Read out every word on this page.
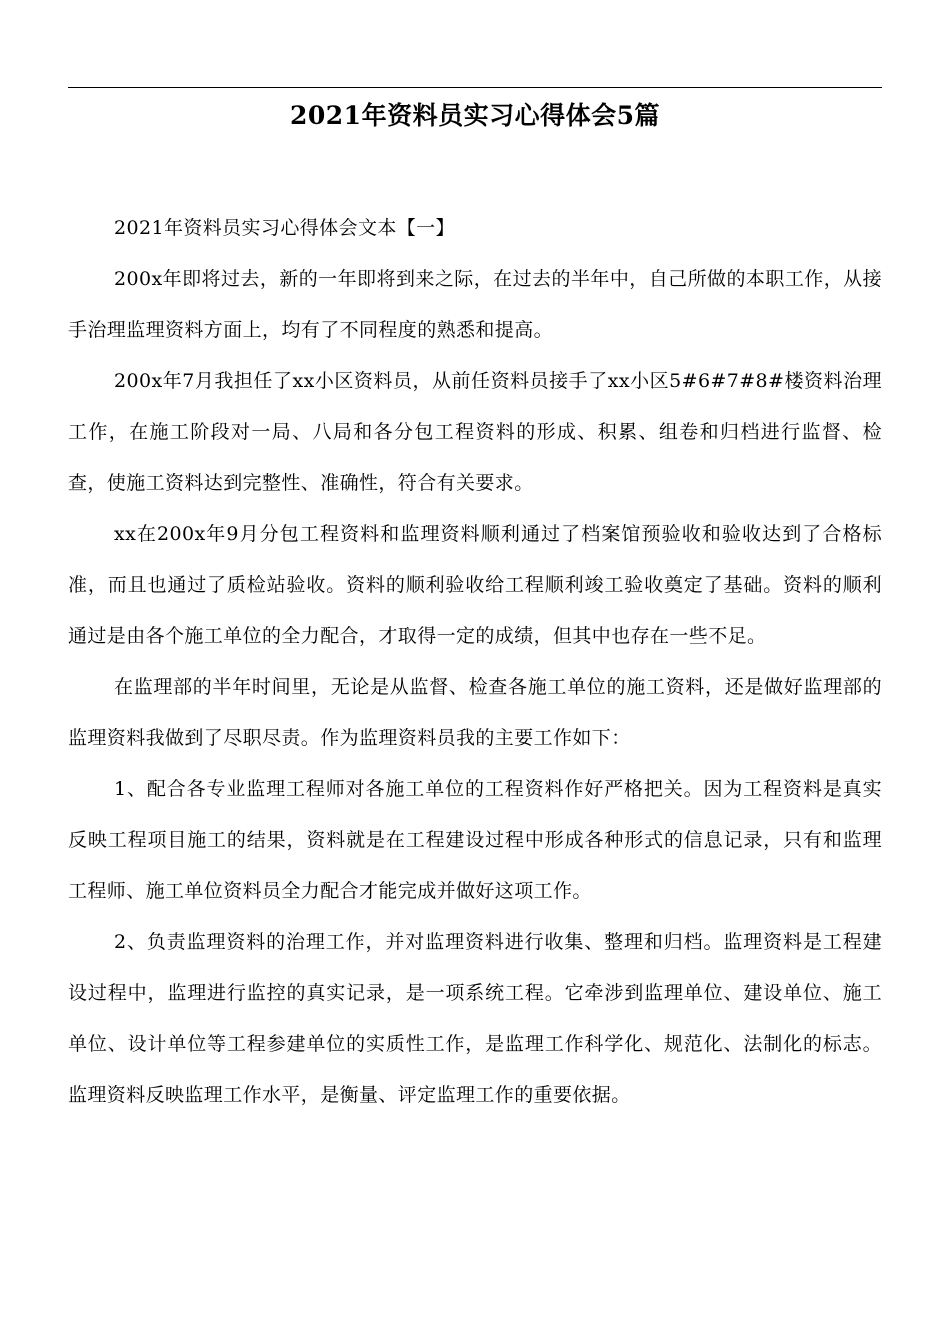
2021年资料员实习心得体会5篇

2021年资料员实习心得体会文本【一】

200x年即将过去，新的一年即将到来之际，在过去的半年中，自己所做的本职工作，从接手治理监理资料方面上，均有了不同程度的熟悉和提高。

200x年7月我担任了xx小区资料员，从前任资料员接手了xx小区5#6#7#8#楼资料治理工作，在施工阶段对一局、八局和各分包工程资料的形成、积累、组卷和归档进行监督、检查，使施工资料达到完整性、准确性，符合有关要求。

xx在200x年9月分包工程资料和监理资料顺利通过了档案馆预验收和验收达到了合格标准，而且也通过了质检站验收。资料的顺利验收给工程顺利竣工验收奠定了基础。资料的顺利通过是由各个施工单位的全力配合，才取得一定的成绩，但其中也存在一些不足。

在监理部的半年时间里，无论是从监督、检查各施工单位的施工资料，还是做好监理部的监理资料我做到了尽职尽责。作为监理资料员我的主要工作如下：

1、配合各专业监理工程师对各施工单位的工程资料作好严格把关。因为工程资料是真实反映工程项目施工的结果，资料就是在工程建设过程中形成各种形式的信息记录，只有和监理工程师、施工单位资料员全力配合才能完成并做好这项工作。

2、负责监理资料的治理工作，并对监理资料进行收集、整理和归档。监理资料是工程建设过程中，监理进行监控的真实记录，是一项系统工程。它牵涉到监理单位、建设单位、施工单位、设计单位等工程参建单位的实质性工作，是监理工作科学化、规范化、法制化的标志。监理资料反映监理工作水平，是衡量、评定监理工作的重要依据。
